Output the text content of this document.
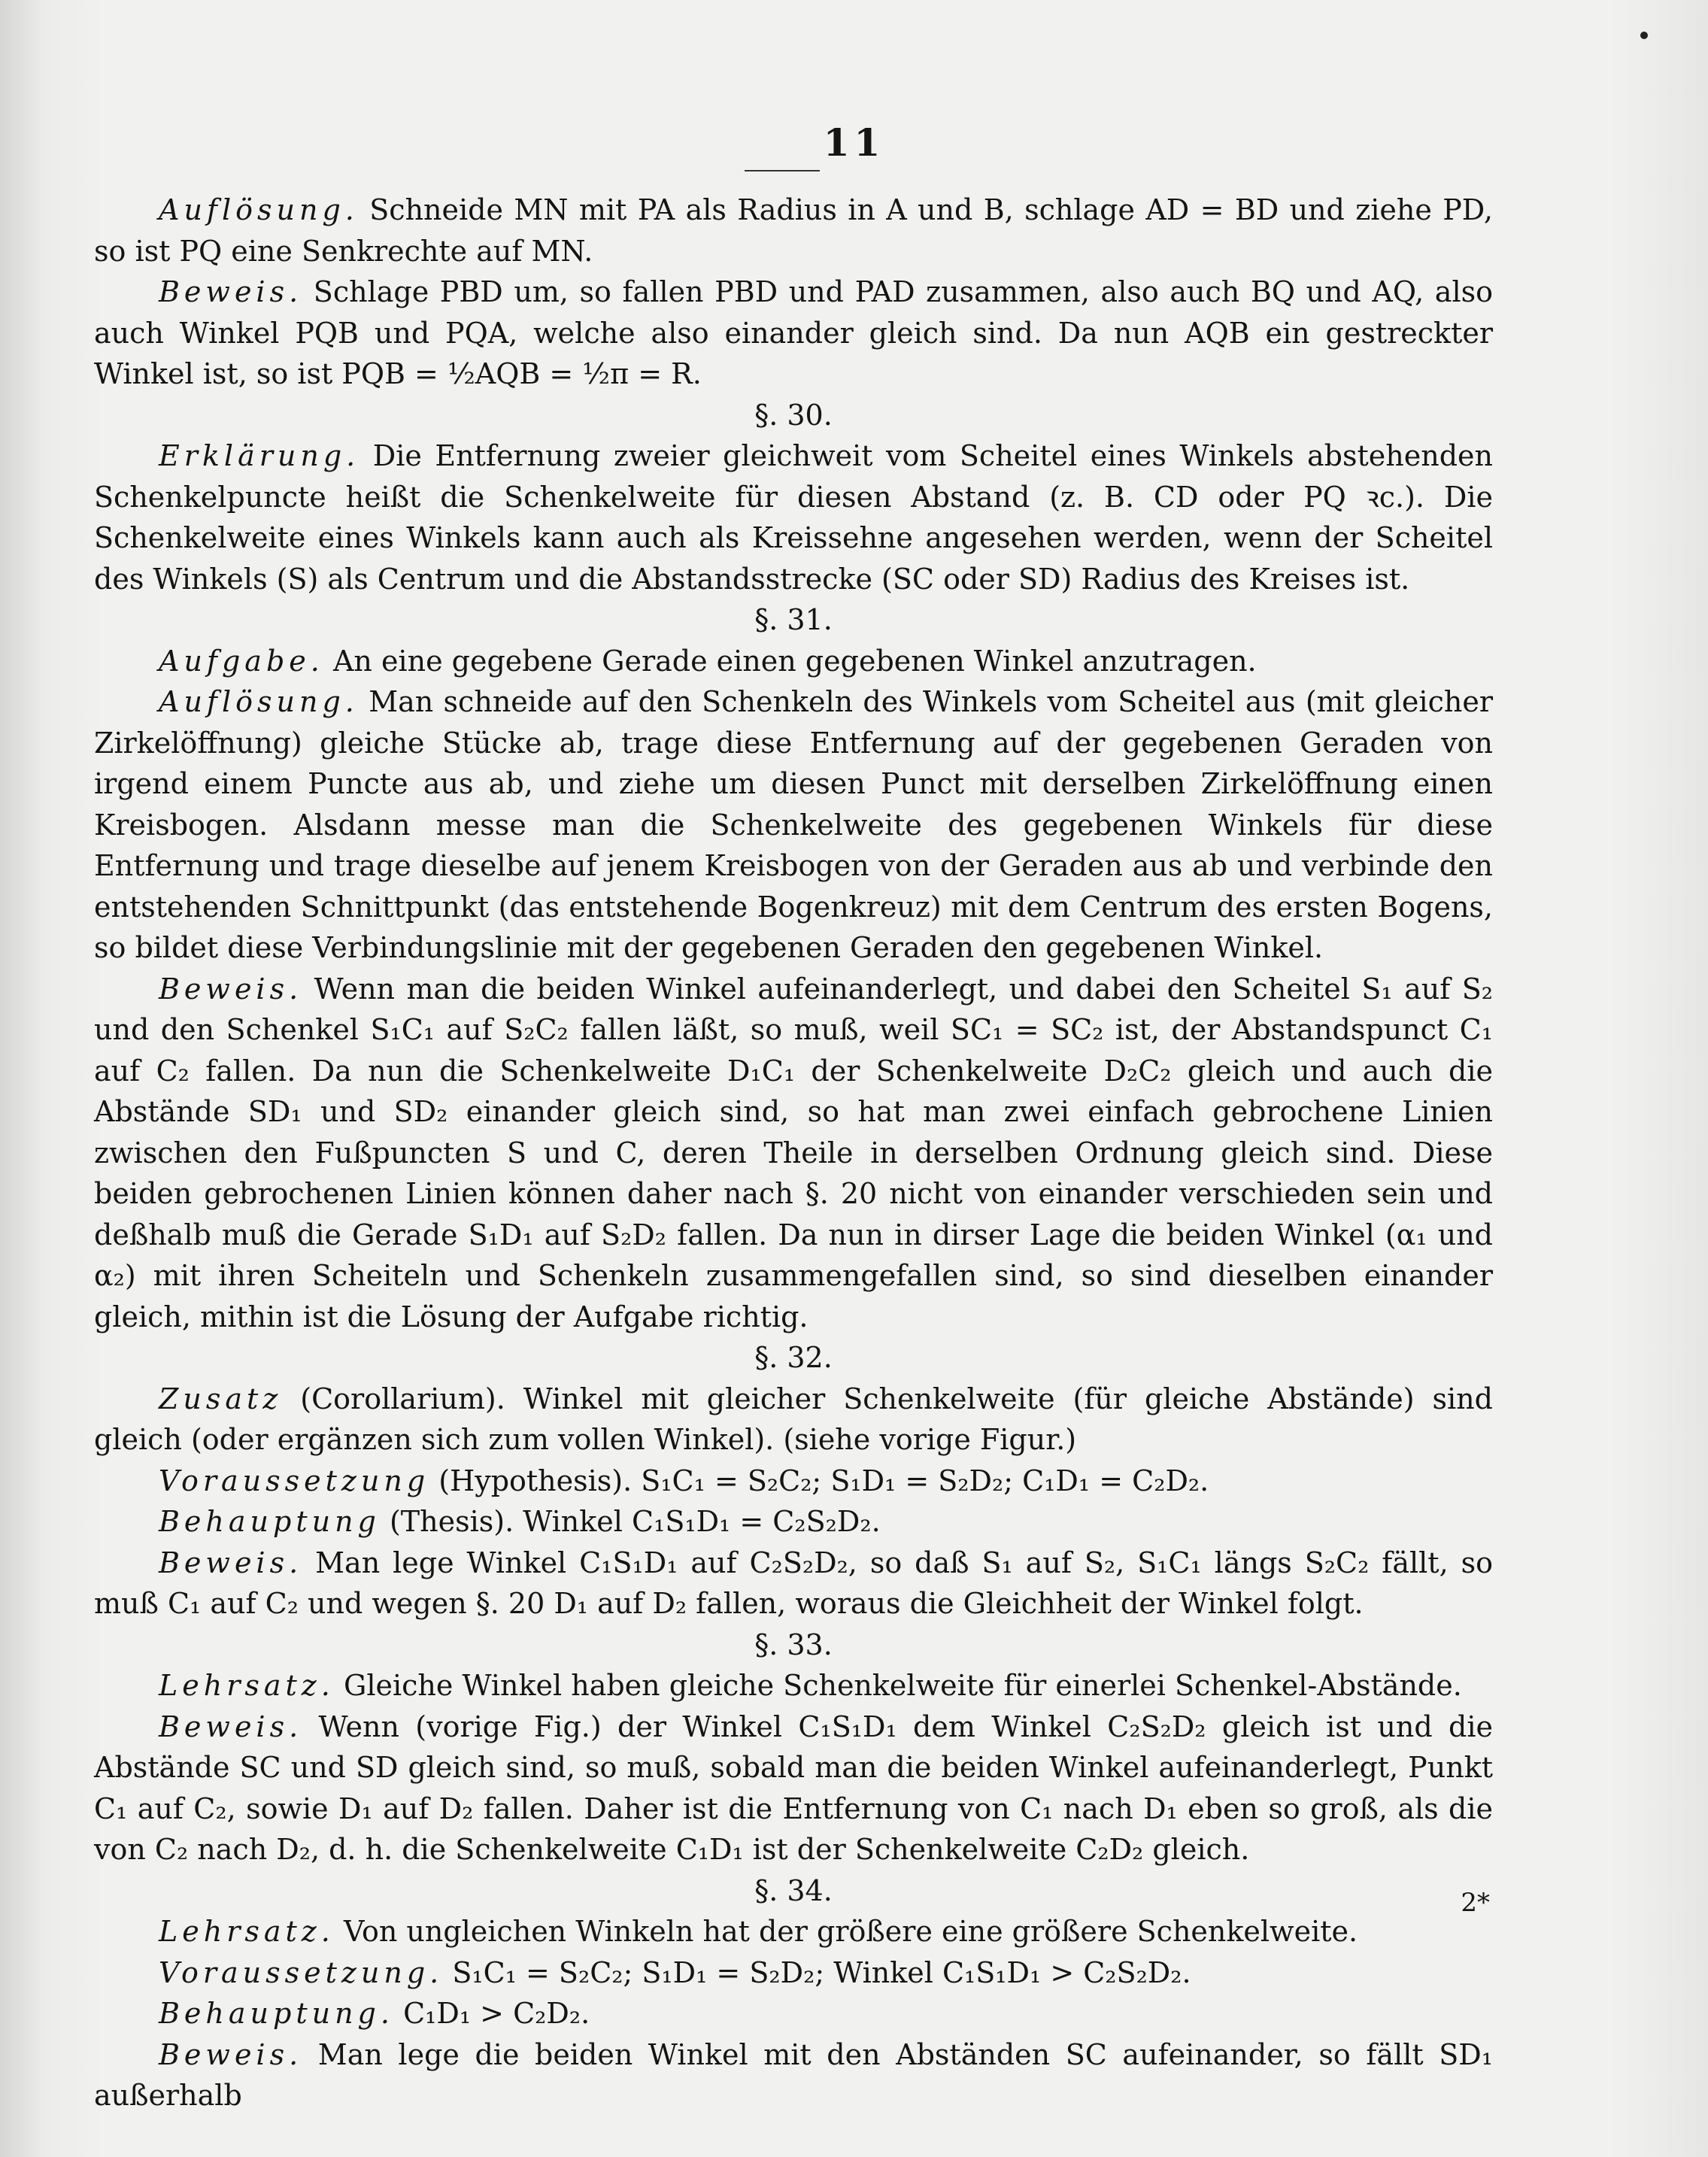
11

Auflösung. Schneide MN mit PA als Radius in A und B, schlage AD = BD und ziehe PD, so ist PQ eine Senkrechte auf MN.

Beweis. Schlage PBD um, so fallen PBD und PAD zusammen, also auch BQ und AQ, also auch Winkel PQB und PQA, welche also einander gleich sind. Da nun AQB ein gestreckter Winkel ist, so ist PQB = ½AQB = ½π = R.

§. 30.

Erklärung. Die Entfernung zweier gleichweit vom Scheitel eines Winkels abstehenden Schenkelpuncte heißt die Schenkelweite für diesen Abstand (z. B. CD oder PQ ꝛc.). Die Schenkelweite eines Winkels kann auch als Kreissehne angesehen werden, wenn der Scheitel des Winkels (S) als Centrum und die Abstandsstrecke (SC oder SD) Radius des Kreises ist.

§. 31.

Aufgabe. An eine gegebene Gerade einen gegebenen Winkel anzutragen.

Auflösung. Man schneide auf den Schenkeln des Winkels vom Scheitel aus (mit gleicher Zirkelöffnung) gleiche Stücke ab, trage diese Entfernung auf der gegebenen Geraden von irgend einem Puncte aus ab, und ziehe um diesen Punct mit derselben Zirkelöffnung einen Kreisbogen. Alsdann messe man die Schenkelweite des gegebenen Winkels für diese Entfernung und trage dieselbe auf jenem Kreisbogen von der Geraden aus ab und verbinde den entstehenden Schnittpunkt (das entstehende Bogenkreuz) mit dem Centrum des ersten Bogens, so bildet diese Verbindungslinie mit der gegebenen Geraden den gegebenen Winkel.

Beweis. Wenn man die beiden Winkel aufeinanderlegt, und dabei den Scheitel S₁ auf S₂ und den Schenkel S₁C₁ auf S₂C₂ fallen läßt, so muß, weil SC₁ = SC₂ ist, der Abstandspunct C₁ auf C₂ fallen. Da nun die Schenkelweite D₁C₁ der Schenkelweite D₂C₂ gleich und auch die Abstände SD₁ und SD₂ einander gleich sind, so hat man zwei einfach gebrochene Linien zwischen den Fußpuncten S und C, deren Theile in derselben Ordnung gleich sind. Diese beiden gebrochenen Linien können daher nach §. 20 nicht von einander verschieden sein und deßhalb muß die Gerade S₁D₁ auf S₂D₂ fallen. Da nun in dirser Lage die beiden Winkel (α₁ und α₂) mit ihren Scheiteln und Schenkeln zusammengefallen sind, so sind dieselben einander gleich, mithin ist die Lösung der Aufgabe richtig.

§. 32.

Zusatz (Corollarium). Winkel mit gleicher Schenkelweite (für gleiche Abstände) sind gleich (oder ergänzen sich zum vollen Winkel). (siehe vorige Figur.)

Voraussetzung (Hypothesis). S₁C₁ = S₂C₂; S₁D₁ = S₂D₂; C₁D₁ = C₂D₂.

Behauptung (Thesis). Winkel C₁S₁D₁ = C₂S₂D₂.

Beweis. Man lege Winkel C₁S₁D₁ auf C₂S₂D₂, so daß S₁ auf S₂, S₁C₁ längs S₂C₂ fällt, so muß C₁ auf C₂ und wegen §. 20 D₁ auf D₂ fallen, woraus die Gleichheit der Winkel folgt.

§. 33.

Lehrsatz. Gleiche Winkel haben gleiche Schenkelweite für einerlei Schenkel-Abstände.

Beweis. Wenn (vorige Fig.) der Winkel C₁S₁D₁ dem Winkel C₂S₂D₂ gleich ist und die Abstände SC und SD gleich sind, so muß, sobald man die beiden Winkel aufeinanderlegt, Punkt C₁ auf C₂, sowie D₁ auf D₂ fallen. Daher ist die Entfernung von C₁ nach D₁ eben so groß, als die von C₂ nach D₂, d. h. die Schenkelweite C₁D₁ ist der Schenkelweite C₂D₂ gleich.

§. 34.

Lehrsatz. Von ungleichen Winkeln hat der größere eine größere Schenkelweite.

Voraussetzung. S₁C₁ = S₂C₂; S₁D₁ = S₂D₂; Winkel C₁S₁D₁ > C₂S₂D₂.

Behauptung. C₁D₁ > C₂D₂.

Beweis. Man lege die beiden Winkel mit den Abständen SC aufeinander, so fällt SD₁ außerhalb

2*
